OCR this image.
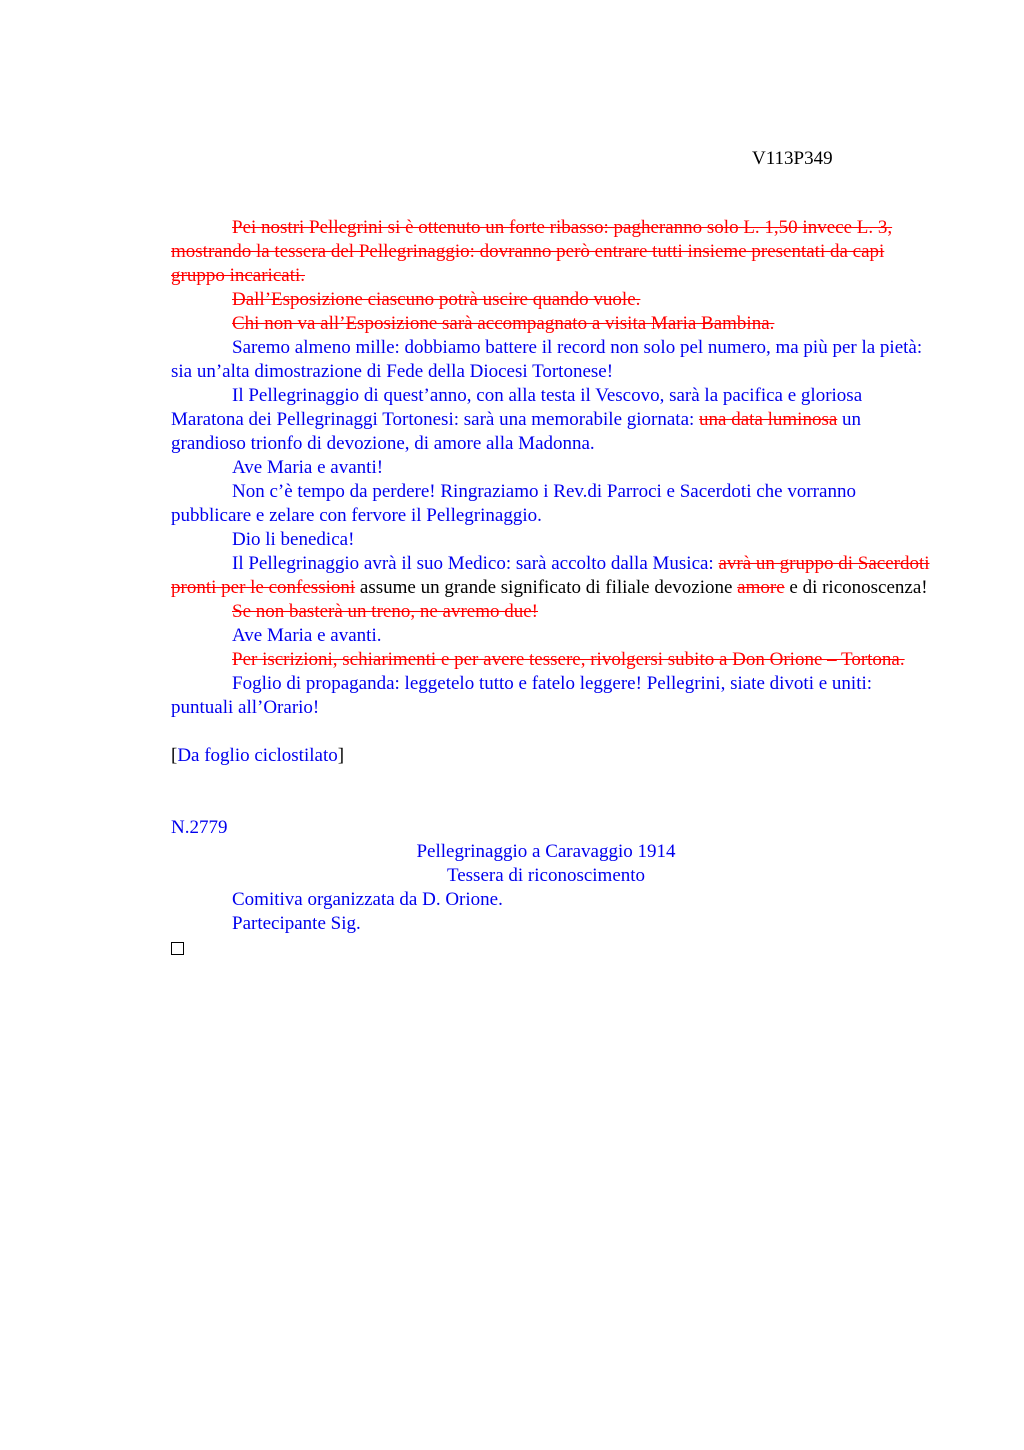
V113P349

Pei nostri Pellegrini si è ottenuto un forte ribasso: pagheranno solo L. 1,50 invece L. 3, mostrando la tessera del Pellegrinaggio: dovranno però entrare tutti insieme presentati da capi gruppo incaricati.

Dall’Esposizione ciascuno potrà uscire quando vuole.

Chi non va all’Esposizione sarà accompagnato a visita Maria Bambina.

Saremo almeno mille: dobbiamo battere il record non solo pel numero, ma più per la pietà: sia un’alta dimostrazione di Fede della Diocesi Tortonese!

Il Pellegrinaggio di quest’anno, con alla testa il Vescovo, sarà la pacifica e gloriosa Maratona dei Pellegrinaggi Tortonesi: sarà una memorabile giornata: una data luminosa un grandioso trionfo di devozione, di amore alla Madonna.

Ave Maria e avanti!

Non c’è tempo da perdere! Ringraziamo i Rev.di Parroci e Sacerdoti che vorranno pubblicare e zelare con fervore il Pellegrinaggio.

Dio li benedica!

Il Pellegrinaggio avrà il suo Medico: sarà accolto dalla Musica: avrà un gruppo di Sacerdoti pronti per le confessioni assume un grande significato di filiale devozione amore e di riconoscenza!

Se non basterà un treno, ne avremo due!

Ave Maria e avanti.

Per iscrizioni, schiarimenti e per avere tessere, rivolgersi subito a Don Orione – Tortona.

Foglio di propaganda: leggetelo tutto e fatelo leggere! Pellegrini, siate divoti e uniti: puntuali all’Orario!

[Da foglio ciclostilato]

N.2779

Pellegrinaggio a Caravaggio 1914

Tessera di riconoscimento

Comitiva organizzata da D. Orione.

Partecipante Sig.
